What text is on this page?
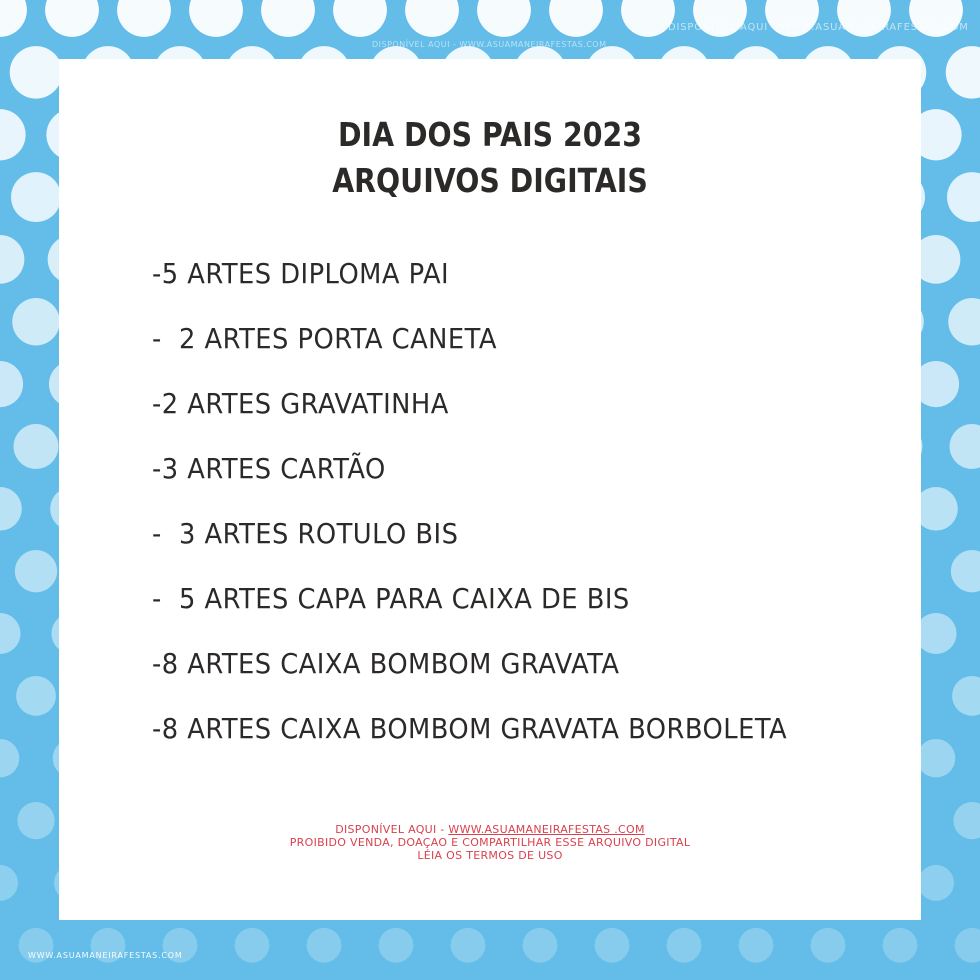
DISPONÍVEL AQUI - WWW.ASUAMANEIRAFESTAS.COM
DISPONÍVEL AQUI - WWW.ASUAMANEIRAFESTAS.COM
WWW.ASUAMANEIRAFESTAS.COM
DIA DOS PAIS 2023
ARQUIVOS DIGITAIS
-5 ARTES DIPLOMA PAI
-  2 ARTES PORTA CANETA
-2 ARTES GRAVATINHA
-3 ARTES CARTÃO
-  3 ARTES ROTULO BIS
-  5 ARTES CAPA PARA CAIXA DE BIS
-8 ARTES CAIXA BOMBOM GRAVATA
-8 ARTES CAIXA BOMBOM GRAVATA BORBOLETA
DISPONÍVEL AQUI - WWW.ASUAMANEIRAFESTAS .COM
PROIBIDO VENDA, DOAÇAO E COMPARTILHAR ESSE ARQUIVO DIGITAL
LÉIA OS TERMOS DE USO
